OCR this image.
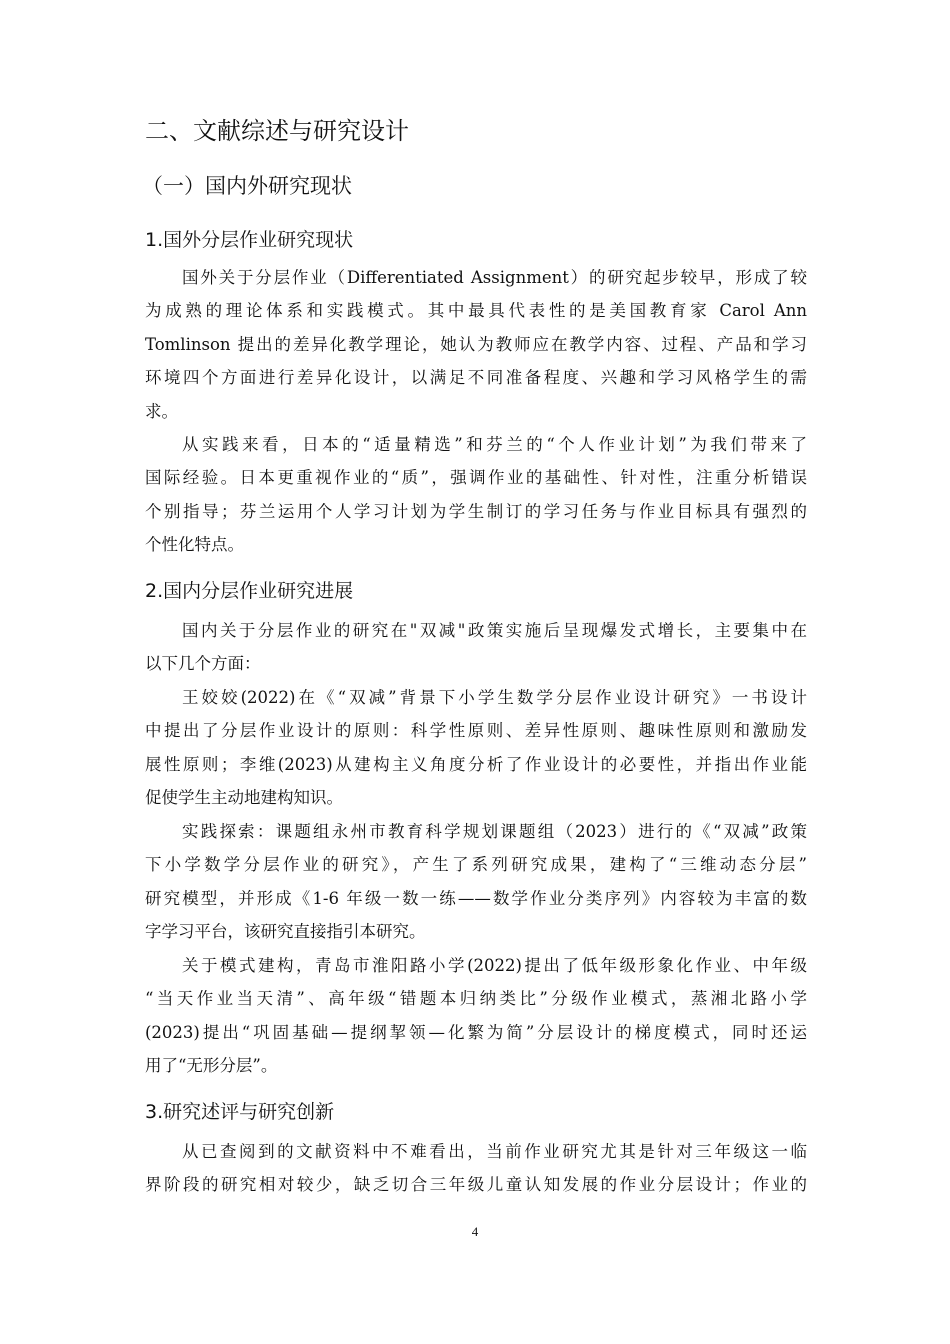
二、文献综述与研究设计
（一）国内外研究现状
1.国外分层作业研究现状
国外关于分层作业（Differentiated Assignment）的研究起步较早，形成了较
为成熟的理论体系和实践模式。其中最具代表性的是美国教育家 Carol Ann
Tomlinson 提出的差异化教学理论，她认为教师应在教学内容、过程、产品和学习
环境四个方面进行差异化设计，以满足不同准备程度、兴趣和学习风格学生的需
求。
从实践来看，日本的“适量精选”和芬兰的“个人作业计划”为我们带来了
国际经验。日本更重视作业的“质”，强调作业的基础性、针对性，注重分析错误
个别指导；芬兰运用个人学习计划为学生制订的学习任务与作业目标具有强烈的
个性化特点。
2.国内分层作业研究进展
国内关于分层作业的研究在"双减"政策实施后呈现爆发式增长，主要集中在
以下几个方面：
王姣姣(2022)在《“双减”背景下小学生数学分层作业设计研究》一书设计
中提出了分层作业设计的原则：科学性原则、差异性原则、趣味性原则和激励发
展性原则；李维(2023)从建构主义角度分析了作业设计的必要性，并指出作业能
促使学生主动地建构知识。
实践探索：课题组永州市教育科学规划课题组（2023）进行的《“双减”政策
下小学数学分层作业的研究》，产生了系列研究成果，建构了“三维动态分层”
研究模型，并形成《1-6 年级一数一练——数学作业分类序列》内容较为丰富的数
字学习平台，该研究直接指引本研究。
关于模式建构，青岛市淮阳路小学(2022)提出了低年级形象化作业、中年级
“当天作业当天清”、高年级“错题本归纳类比”分级作业模式，蒸湘北路小学
(2023)提出“巩固基础—提纲挈领—化繁为简”分层设计的梯度模式，同时还运
用了“无形分层”。
3.研究述评与研究创新
从已查阅到的文献资料中不难看出，当前作业研究尤其是针对三年级这一临
界阶段的研究相对较少，缺乏切合三年级儿童认知发展的作业分层设计；作业的
4
